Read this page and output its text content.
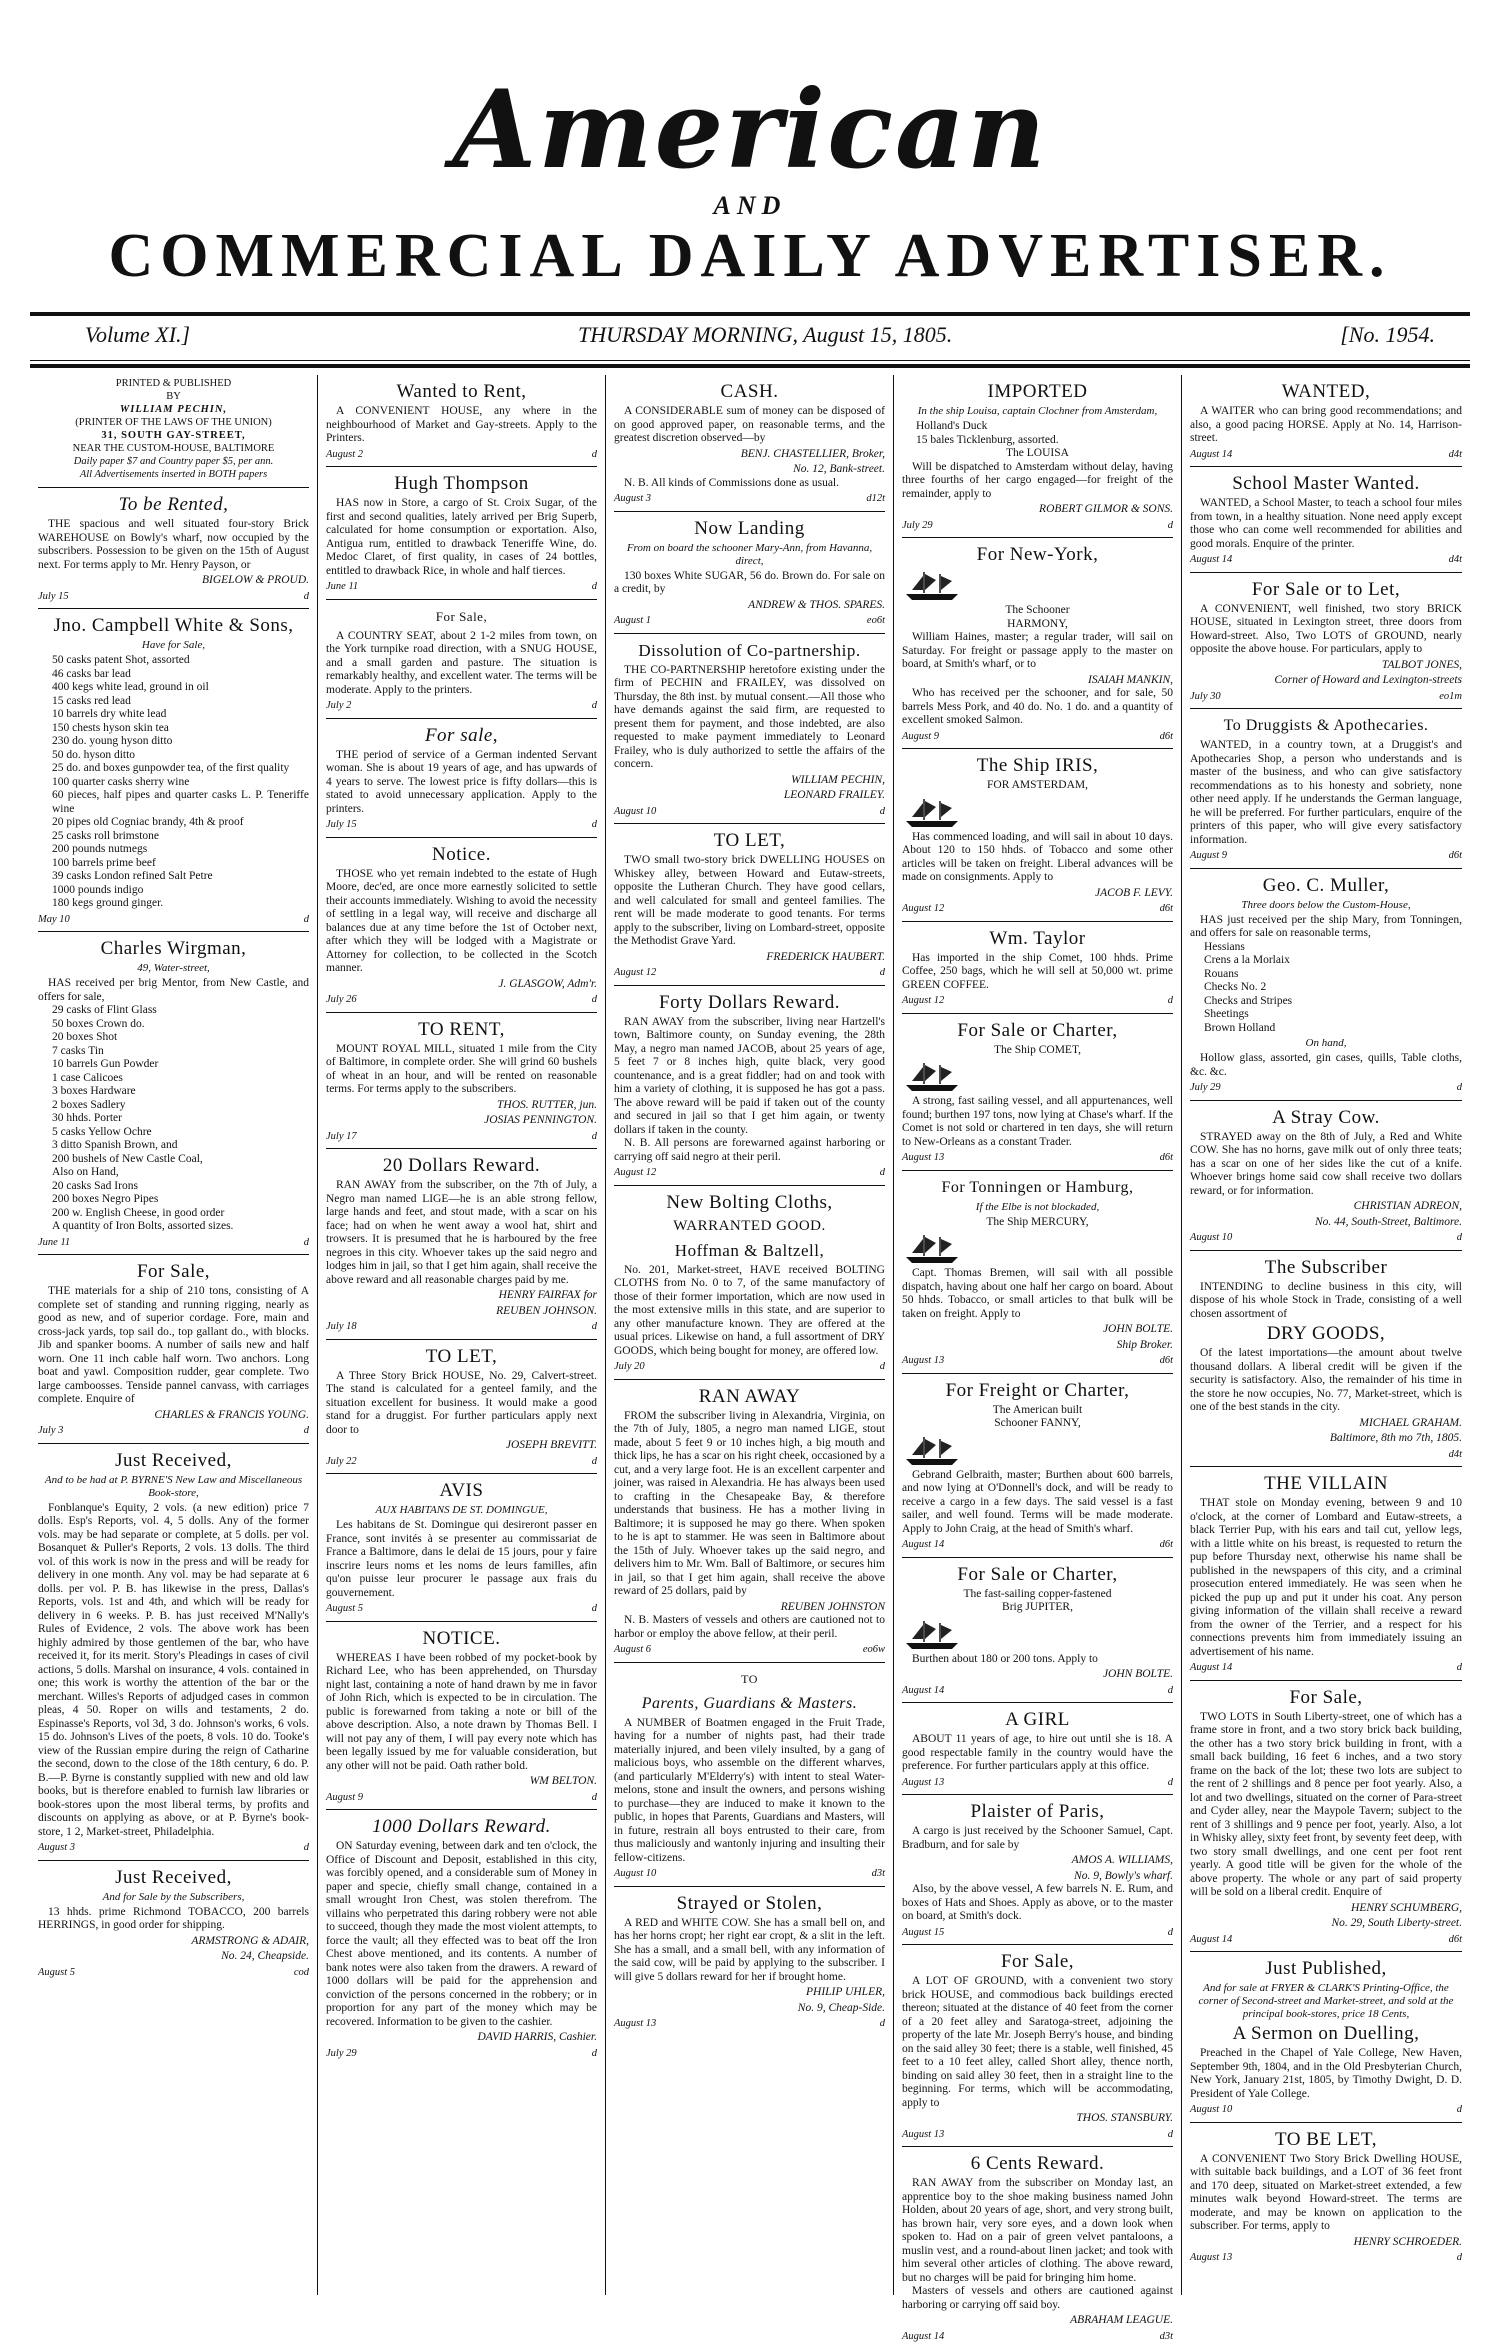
American
AND
COMMERCIAL DAILY ADVERTISER.
Volume XI.]	THURSDAY MORNING, August 15, 1805.	[No. 1954.
PRINTED & PUBLISHED
BY
WILLIAM PECHIN,
(PRINTER OF THE LAWS OF THE UNION)
31, SOUTH GAY-STREET,
NEAR THE CUSTOM-HOUSE, BALTIMORE
Daily paper $7 and Country paper $5, per ann.
All Advertisements inserted in BOTH papers
To be Rented,

THE spacious and well situated four-story Brick WAREHOUSE on Bowly's wharf, now occupied by the subscribers. Possession to be given on the 15th of August next. For terms apply to Mr. Henry Payson, or

BIGELOW & PROUD.

July 15	d
Jno. Campbell White & Sons,
Have for Sale,

50 casks patent Shot, assorted

46 casks bar lead

400 kegs white lead, ground in oil

15 casks red lead

10 barrels dry white lead

150 chests hyson skin tea

230 do. young hyson ditto

50 do. hyson ditto

25 do. and boxes gunpowder tea, of the first quality

100 quarter casks sherry wine

60 pieces, half pipes and quarter casks L. P. Teneriffe wine

20 pipes old Cogniac brandy, 4th & proof

25 casks roll brimstone

200 pounds nutmegs

100 barrels prime beef

39 casks London refined Salt Petre

1000 pounds indigo

180 kegs ground ginger.

May 10	d
Charles Wirgman,
49, Water-street,

HAS received per brig Mentor, from New Castle, and offers for sale,

29 casks of Flint Glass

50 boxes Crown do.

20 boxes Shot

7 casks Tin

10 barrels Gun Powder

1 case Calicoes

3 boxes Hardware

2 boxes Sadlery

30 hhds. Porter

5 casks Yellow Ochre

3 ditto Spanish Brown, and

200 bushels of New Castle Coal,

Also on Hand,

20 casks Sad Irons

200 boxes Negro Pipes

200 w. English Cheese, in good order

A quantity of Iron Bolts, assorted sizes.

June 11	d
For Sale,

THE materials for a ship of 210 tons, consisting of A complete set of standing and running rigging, nearly as good as new, and of superior cordage. Fore, main and cross-jack yards, top sail do., top gallant do., with blocks. Jib and spanker booms. A number of sails new and half worn. One 11 inch cable half worn. Two anchors. Long boat and yawl. Composition rudder, gear complete. Two large camboosses. Tenside pannel canvass, with carriages complete. Enquire of

CHARLES & FRANCIS YOUNG.

July 3	d
Just Received,
And to be had at P. BYRNE'S New Law and Miscellaneous Book-store,

Fonblanque's Equity, 2 vols. (a new edition) price 7 dolls. Esp's Reports, vol. 4, 5 dolls. Any of the former vols. may be had separate or complete, at 5 dolls. per vol. Bosanquet & Puller's Reports, 2 vols. 13 dolls. The third vol. of this work is now in the press and will be ready for delivery in one month. Any vol. may be had separate at 6 dolls. per vol. P. B. has likewise in the press, Dallas's Reports, vols. 1st and 4th, and which will be ready for delivery in 6 weeks. P. B. has just received M'Nally's Rules of Evidence, 2 vols. The above work has been highly admired by those gentlemen of the bar, who have received it, for its merit. Story's Pleadings in cases of civil actions, 5 dolls. Marshal on insurance, 4 vols. contained in one; this work is worthy the attention of the bar or the merchant. Willes's Reports of adjudged cases in common pleas, 4 50. Roper on wills and testaments, 2 do. Espinasse's Reports, vol 3d, 3 do. Johnson's works, 6 vols. 15 do. Johnson's Lives of the poets, 8 vols. 10 do. Tooke's view of the Russian empire during the reign of Catharine the second, down to the close of the 18th century, 6 do. P. B.—P. Byrne is constantly supplied with new and old law books, but is therefore enabled to furnish law libraries or book-stores upon the most liberal terms, by profits and discounts on applying as above, or at P. Byrne's book-store, 1 2, Market-street, Philadelphia.

August 3	d
Just Received,
And for Sale by the Subscribers,

13 hhds. prime Richmond TOBACCO, 200 barrels HERRINGS, in good order for shipping.

ARMSTRONG & ADAIR,

No. 24, Cheapside.

August 5	cod
Wanted to Rent,

A CONVENIENT HOUSE, any where in the neighbourhood of Market and Gay-streets. Apply to the Printers.

August 2	d
Hugh Thompson

HAS now in Store, a cargo of St. Croix Sugar, of the first and second qualities, lately arrived per Brig Superb, calculated for home consumption or exportation. Also, Antigua rum, entitled to drawback Teneriffe Wine, do. Medoc Claret, of first quality, in cases of 24 bottles, entitled to drawback Rice, in whole and half tierces.

June 11	d
For Sale,

A COUNTRY SEAT, about 2 1-2 miles from town, on the York turnpike road direction, with a SNUG HOUSE, and a small garden and pasture. The situation is remarkably healthy, and excellent water. The terms will be moderate. Apply to the printers.

July 2	d
For sale,

THE period of service of a German indented Servant woman. She is about 19 years of age, and has upwards of 4 years to serve. The lowest price is fifty dollars—this is stated to avoid unnecessary application. Apply to the printers.

July 15	d
Notice.

THOSE who yet remain indebted to the estate of Hugh Moore, dec'ed, are once more earnestly solicited to settle their accounts immediately. Wishing to avoid the necessity of settling in a legal way, will receive and discharge all balances due at any time before the 1st of October next, after which they will be lodged with a Magistrate or Attorney for collection, to be collected in the Scotch manner.

J. GLASGOW, Adm'r.

July 26	d
TO RENT,

MOUNT ROYAL MILL, situated 1 mile from the City of Baltimore, in complete order. She will grind 60 bushels of wheat in an hour, and will be rented on reasonable terms. For terms apply to the subscribers.

THOS. RUTTER, jun.

JOSIAS PENNINGTON.

July 17	d
20 Dollars Reward.

RAN AWAY from the subscriber, on the 7th of July, a Negro man named LIGE—he is an able strong fellow, large hands and feet, and stout made, with a scar on his face; had on when he went away a wool hat, shirt and trowsers. It is presumed that he is harboured by the free negroes in this city. Whoever takes up the said negro and lodges him in jail, so that I get him again, shall receive the above reward and all reasonable charges paid by me.

HENRY FAIRFAX for

REUBEN JOHNSON.

July 18	d
TO LET,

A Three Story Brick HOUSE, No. 29, Calvert-street. The stand is calculated for a genteel family, and the situation excellent for business. It would make a good stand for a druggist. For further particulars apply next door to

JOSEPH BREVITT.

July 22	d
AVIS
AUX HABITANS DE ST. DOMINGUE,

Les habitans de St. Domingue qui desireront passer en France, sont invités à se presenter au commissariat de France a Baltimore, dans le delai de 15 jours, pour y faire inscrire leurs noms et les noms de leurs familles, afin qu'on puisse leur procurer le passage aux frais du gouvernement.

August 5	d
NOTICE.

WHEREAS I have been robbed of my pocket-book by Richard Lee, who has been apprehended, on Thursday night last, containing a note of hand drawn by me in favor of John Rich, which is expected to be in circulation. The public is forewarned from taking a note or bill of the above description. Also, a note drawn by Thomas Bell. I will not pay any of them, I will pay every note which has been legally issued by me for valuable consideration, but any other will not be paid. Oath rather bold.

WM BELTON.

August 9	d
1000 Dollars Reward.

ON Saturday evening, between dark and ten o'clock, the Office of Discount and Deposit, established in this city, was forcibly opened, and a considerable sum of Money in paper and specie, chiefly small change, contained in a small wrought Iron Chest, was stolen therefrom. The villains who perpetrated this daring robbery were not able to succeed, though they made the most violent attempts, to force the vault; all they effected was to beat off the Iron Chest above mentioned, and its contents. A number of bank notes were also taken from the drawers. A reward of 1000 dollars will be paid for the apprehension and conviction of the persons concerned in the robbery; or in proportion for any part of the money which may be recovered. Information to be given to the cashier.

DAVID HARRIS, Cashier.

July 29	d
CASH.

A CONSIDERABLE sum of money can be disposed of on good approved paper, on reasonable terms, and the greatest discretion observed—by

BENJ. CHASTELLIER, Broker,

No. 12, Bank-street.

N. B. All kinds of Commissions done as usual.

August 3	d12t
Now Landing
From on board the schooner Mary-Ann, from Havanna, direct,

130 boxes White SUGAR, 56 do. Brown do. For sale on a credit, by

ANDREW & THOS. SPARES.

August 1	eo6t
Dissolution of Co-partnership.

THE CO-PARTNERSHIP heretofore existing under the firm of PECHIN and FRAILEY, was dissolved on Thursday, the 8th inst. by mutual consent.—All those who have demands against the said firm, are requested to present them for payment, and those indebted, are also requested to make payment immediately to Leonard Frailey, who is duly authorized to settle the affairs of the concern.

WILLIAM PECHIN,

LEONARD FRAILEY.

August 10	d
TO LET,

TWO small two-story brick DWELLING HOUSES on Whiskey alley, between Howard and Eutaw-streets, opposite the Lutheran Church. They have good cellars, and well calculated for small and genteel families. The rent will be made moderate to good tenants. For terms apply to the subscriber, living on Lombard-street, opposite the Methodist Grave Yard.

FREDERICK HAUBERT.

August 12	d
Forty Dollars Reward.

RAN AWAY from the subscriber, living near Hartzell's town, Baltimore county, on Sunday evening, the 28th May, a negro man named JACOB, about 25 years of age, 5 feet 7 or 8 inches high, quite black, very good countenance, and is a great fiddler; had on and took with him a variety of clothing, it is supposed he has got a pass. The above reward will be paid if taken out of the county and secured in jail so that I get him again, or twenty dollars if taken in the county.

N. B. All persons are forewarned against harboring or carrying off said negro at their peril.

August 12	d
New Bolting Cloths,
WARRANTED GOOD.
Hoffman & Baltzell,

No. 201, Market-street, HAVE received BOLTING CLOTHS from No. 0 to 7, of the same manufactory of those of their former importation, which are now used in the most extensive mills in this state, and are superior to any other manufacture known. They are offered at the usual prices. Likewise on hand, a full assortment of DRY GOODS, which being bought for money, are offered low.

July 20	d
RAN AWAY

FROM the subscriber living in Alexandria, Virginia, on the 7th of July, 1805, a negro man named LIGE, stout made, about 5 feet 9 or 10 inches high, a big mouth and thick lips, he has a scar on his right cheek, occasioned by a cut, and a very large foot. He is an excellent carpenter and joiner, was raised in Alexandria. He has always been used to crafting in the Chesapeake Bay, & therefore understands that business. He has a mother living in Baltimore; it is supposed he may go there. When spoken to he is apt to stammer. He was seen in Baltimore about the 15th of July. Whoever takes up the said negro, and delivers him to Mr. Wm. Ball of Baltimore, or secures him in jail, so that I get him again, shall receive the above reward of 25 dollars, paid by

REUBEN JOHNSTON

N. B. Masters of vessels and others are cautioned not to harbor or employ the above fellow, at their peril.

August 6	eo6w
TO
Parents, Guardians & Masters.

A NUMBER of Boatmen engaged in the Fruit Trade, having for a number of nights past, had their trade materially injured, and been vilely insulted, by a gang of malicious boys, who assemble on the different wharves, (and particularly M'Elderry's) with intent to steal Water-melons, stone and insult the owners, and persons wishing to purchase—they are induced to make it known to the public, in hopes that Parents, Guardians and Masters, will in future, restrain all boys entrusted to their care, from thus maliciously and wantonly injuring and insulting their fellow-citizens.

August 10	d3t
Strayed or Stolen,

A RED and WHITE COW. She has a small bell on, and has her horns cropt; her right ear cropt, & a slit in the left. She has a small, and a small bell, with any information of the said cow, will be paid by applying to the subscriber. I will give 5 dollars reward for her if brought home.

PHILIP UHLER,

No. 9, Cheap-Side.

August 13	d
IMPORTED
In the ship Louisa, captain Clochner from Amsterdam,

Holland's Duck

15 bales Ticklenburg, assorted.

The LOUISA

Will be dispatched to Amsterdam without delay, having three fourths of her cargo engaged—for freight of the remainder, apply to

ROBERT GILMOR & SONS.

July 29	d
For New-York,

The Schooner

HARMONY,

William Haines, master; a regular trader, will sail on Saturday. For freight or passage apply to the master on board, at Smith's wharf, or to

ISAIAH MANKIN,

Who has received per the schooner, and for sale, 50 barrels Mess Pork, and 40 do. No. 1 do. and a quantity of excellent smoked Salmon.

August 9	d6t
The Ship IRIS,

FOR AMSTERDAM,

Has commenced loading, and will sail in about 10 days. About 120 to 150 hhds. of Tobacco and some other articles will be taken on freight. Liberal advances will be made on consignments. Apply to

JACOB F. LEVY.

August 12	d6t
Wm. Taylor

Has imported in the ship Comet, 100 hhds. Prime Coffee, 250 bags, which he will sell at 50,000 wt. prime GREEN COFFEE.

August 12	d
For Sale or Charter,

The Ship COMET,

A strong, fast sailing vessel, and all appurtenances, well found; burthen 197 tons, now lying at Chase's wharf. If the Comet is not sold or chartered in ten days, she will return to New-Orleans as a constant Trader.

August 13	d6t
For Tonningen or Hamburg,
If the Elbe is not blockaded,

The Ship MERCURY,

Capt. Thomas Bremen, will sail with all possible dispatch, having about one half her cargo on board. About 50 hhds. Tobacco, or small articles to that bulk will be taken on freight. Apply to

JOHN BOLTE.

Ship Broker.

August 13	d6t
For Freight or Charter,

The American built

Schooner FANNY,

Gebrand Gelbraith, master; Burthen about 600 barrels, and now lying at O'Donnell's dock, and will be ready to receive a cargo in a few days. The said vessel is a fast sailer, and well found. Terms will be made moderate. Apply to John Craig, at the head of Smith's wharf.

August 14	d6t
For Sale or Charter,

The fast-sailing copper-fastened

Brig JUPITER,

Burthen about 180 or 200 tons. Apply to

JOHN BOLTE.

August 14	d
A GIRL

ABOUT 11 years of age, to hire out until she is 18. A good respectable family in the country would have the preference. For further particulars apply at this office.

August 13	d
Plaister of Paris,

A cargo is just received by the Schooner Samuel, Capt. Bradburn, and for sale by

AMOS A. WILLIAMS,

No. 9, Bowly's wharf.

Also, by the above vessel, A few barrels N. E. Rum, and boxes of Hats and Shoes. Apply as above, or to the master on board, at Smith's dock.

August 15	d
For Sale,

A LOT OF GROUND, with a convenient two story brick HOUSE, and commodious back buildings erected thereon; situated at the distance of 40 feet from the corner of a 20 feet alley and Saratoga-street, adjoining the property of the late Mr. Joseph Berry's house, and binding on the said alley 30 feet; there is a stable, well finished, 45 feet to a 10 feet alley, called Short alley, thence north, binding on said alley 30 feet, then in a straight line to the beginning. For terms, which will be accommodating, apply to

THOS. STANSBURY.

August 13	d
6 Cents Reward.

RAN AWAY from the subscriber on Monday last, an apprentice boy to the shoe making business named John Holden, about 20 years of age, short, and very strong built, has brown hair, very sore eyes, and a down look when spoken to. Had on a pair of green velvet pantaloons, a muslin vest, and a round-about linen jacket; and took with him several other articles of clothing. The above reward, but no charges will be paid for bringing him home.

Masters of vessels and others are cautioned against harboring or carrying off said boy.

ABRAHAM LEAGUE.

August 14	d3t
WANTED,

A WAITER who can bring good recommendations; and also, a good pacing HORSE. Apply at No. 14, Harrison-street.

August 14	d4t
School Master Wanted.

WANTED, a School Master, to teach a school four miles from town, in a healthy situation. None need apply except those who can come well recommended for abilities and good morals. Enquire of the printer.

August 14	d4t
For Sale or to Let,

A CONVENIENT, well finished, two story BRICK HOUSE, situated in Lexington street, three doors from Howard-street. Also, Two LOTS of GROUND, nearly opposite the above house. For particulars, apply to

TALBOT JONES,

Corner of Howard and Lexington-streets

July 30	eo1m
To Druggists & Apothecaries.

WANTED, in a country town, at a Druggist's and Apothecaries Shop, a person who understands and is master of the business, and who can give satisfactory recommendations as to his honesty and sobriety, none other need apply. If he understands the German language, he will be preferred. For further particulars, enquire of the printers of this paper, who will give every satisfactory information.

August 9	d6t
Geo. C. Muller,
Three doors below the Custom-House,

HAS just received per the ship Mary, from Tonningen, and offers for sale on reasonable terms,

Hessians

Crens a la Morlaix

Rouans

Checks No. 2

Checks and Stripes

Sheetings

Brown Holland

On hand,

Hollow glass, assorted, gin cases, quills, Table cloths, &c. &c.

July 29	d
A Stray Cow.

STRAYED away on the 8th of July, a Red and White COW. She has no horns, gave milk out of only three teats; has a scar on one of her sides like the cut of a knife. Whoever brings home said cow shall receive two dollars reward, or for information.

CHRISTIAN ADREON,

No. 44, South-Street, Baltimore.

August 10	d
The Subscriber

INTENDING to decline business in this city, will dispose of his whole Stock in Trade, consisting of a well chosen assortment of

DRY GOODS,

Of the latest importations—the amount about twelve thousand dollars. A liberal credit will be given if the security is satisfactory. Also, the remainder of his time in the store he now occupies, No. 77, Market-street, which is one of the best stands in the city.

MICHAEL GRAHAM.

Baltimore, 8th mo 7th, 1805.

d4t
THE VILLAIN

THAT stole on Monday evening, between 9 and 10 o'clock, at the corner of Lombard and Eutaw-streets, a black Terrier Pup, with his ears and tail cut, yellow legs, with a little white on his breast, is requested to return the pup before Thursday next, otherwise his name shall be published in the newspapers of this city, and a criminal prosecution entered immediately. He was seen when he picked the pup up and put it under his coat. Any person giving information of the villain shall receive a reward from the owner of the Terrier, and a respect for his connections prevents him from immediately issuing an advertisement of his name.

August 14	d
For Sale,

TWO LOTS in South Liberty-street, one of which has a frame store in front, and a two story brick back building, the other has a two story brick building in front, with a small back building, 16 feet 6 inches, and a two story frame on the back of the lot; these two lots are subject to the rent of 2 shillings and 8 pence per foot yearly. Also, a lot and two dwellings, situated on the corner of Para-street and Cyder alley, near the Maypole Tavern; subject to the rent of 3 shillings and 9 pence per foot, yearly. Also, a lot in Whisky alley, sixty feet front, by seventy feet deep, with two story small dwellings, and one cent per foot rent yearly. A good title will be given for the whole of the above property. The whole or any part of said property will be sold on a liberal credit. Enquire of

HENRY SCHUMBERG,

No. 29, South Liberty-street.

August 14	d6t
Just Published,
And for sale at FRYER & CLARK'S Printing-Office, the corner of Second-street and Market-street, and sold at the principal book-stores, price 18 Cents,
A Sermon on Duelling,

Preached in the Chapel of Yale College, New Haven, September 9th, 1804, and in the Old Presbyterian Church, New York, January 21st, 1805, by Timothy Dwight, D. D. President of Yale College.

August 10	d
TO BE LET,

A CONVENIENT Two Story Brick Dwelling HOUSE, with suitable back buildings, and a LOT of 36 feet front and 170 deep, situated on Market-street extended, a few minutes walk beyond Howard-street. The terms are moderate, and may be known on application to the subscriber. For terms, apply to

HENRY SCHROEDER.

August 13	d
